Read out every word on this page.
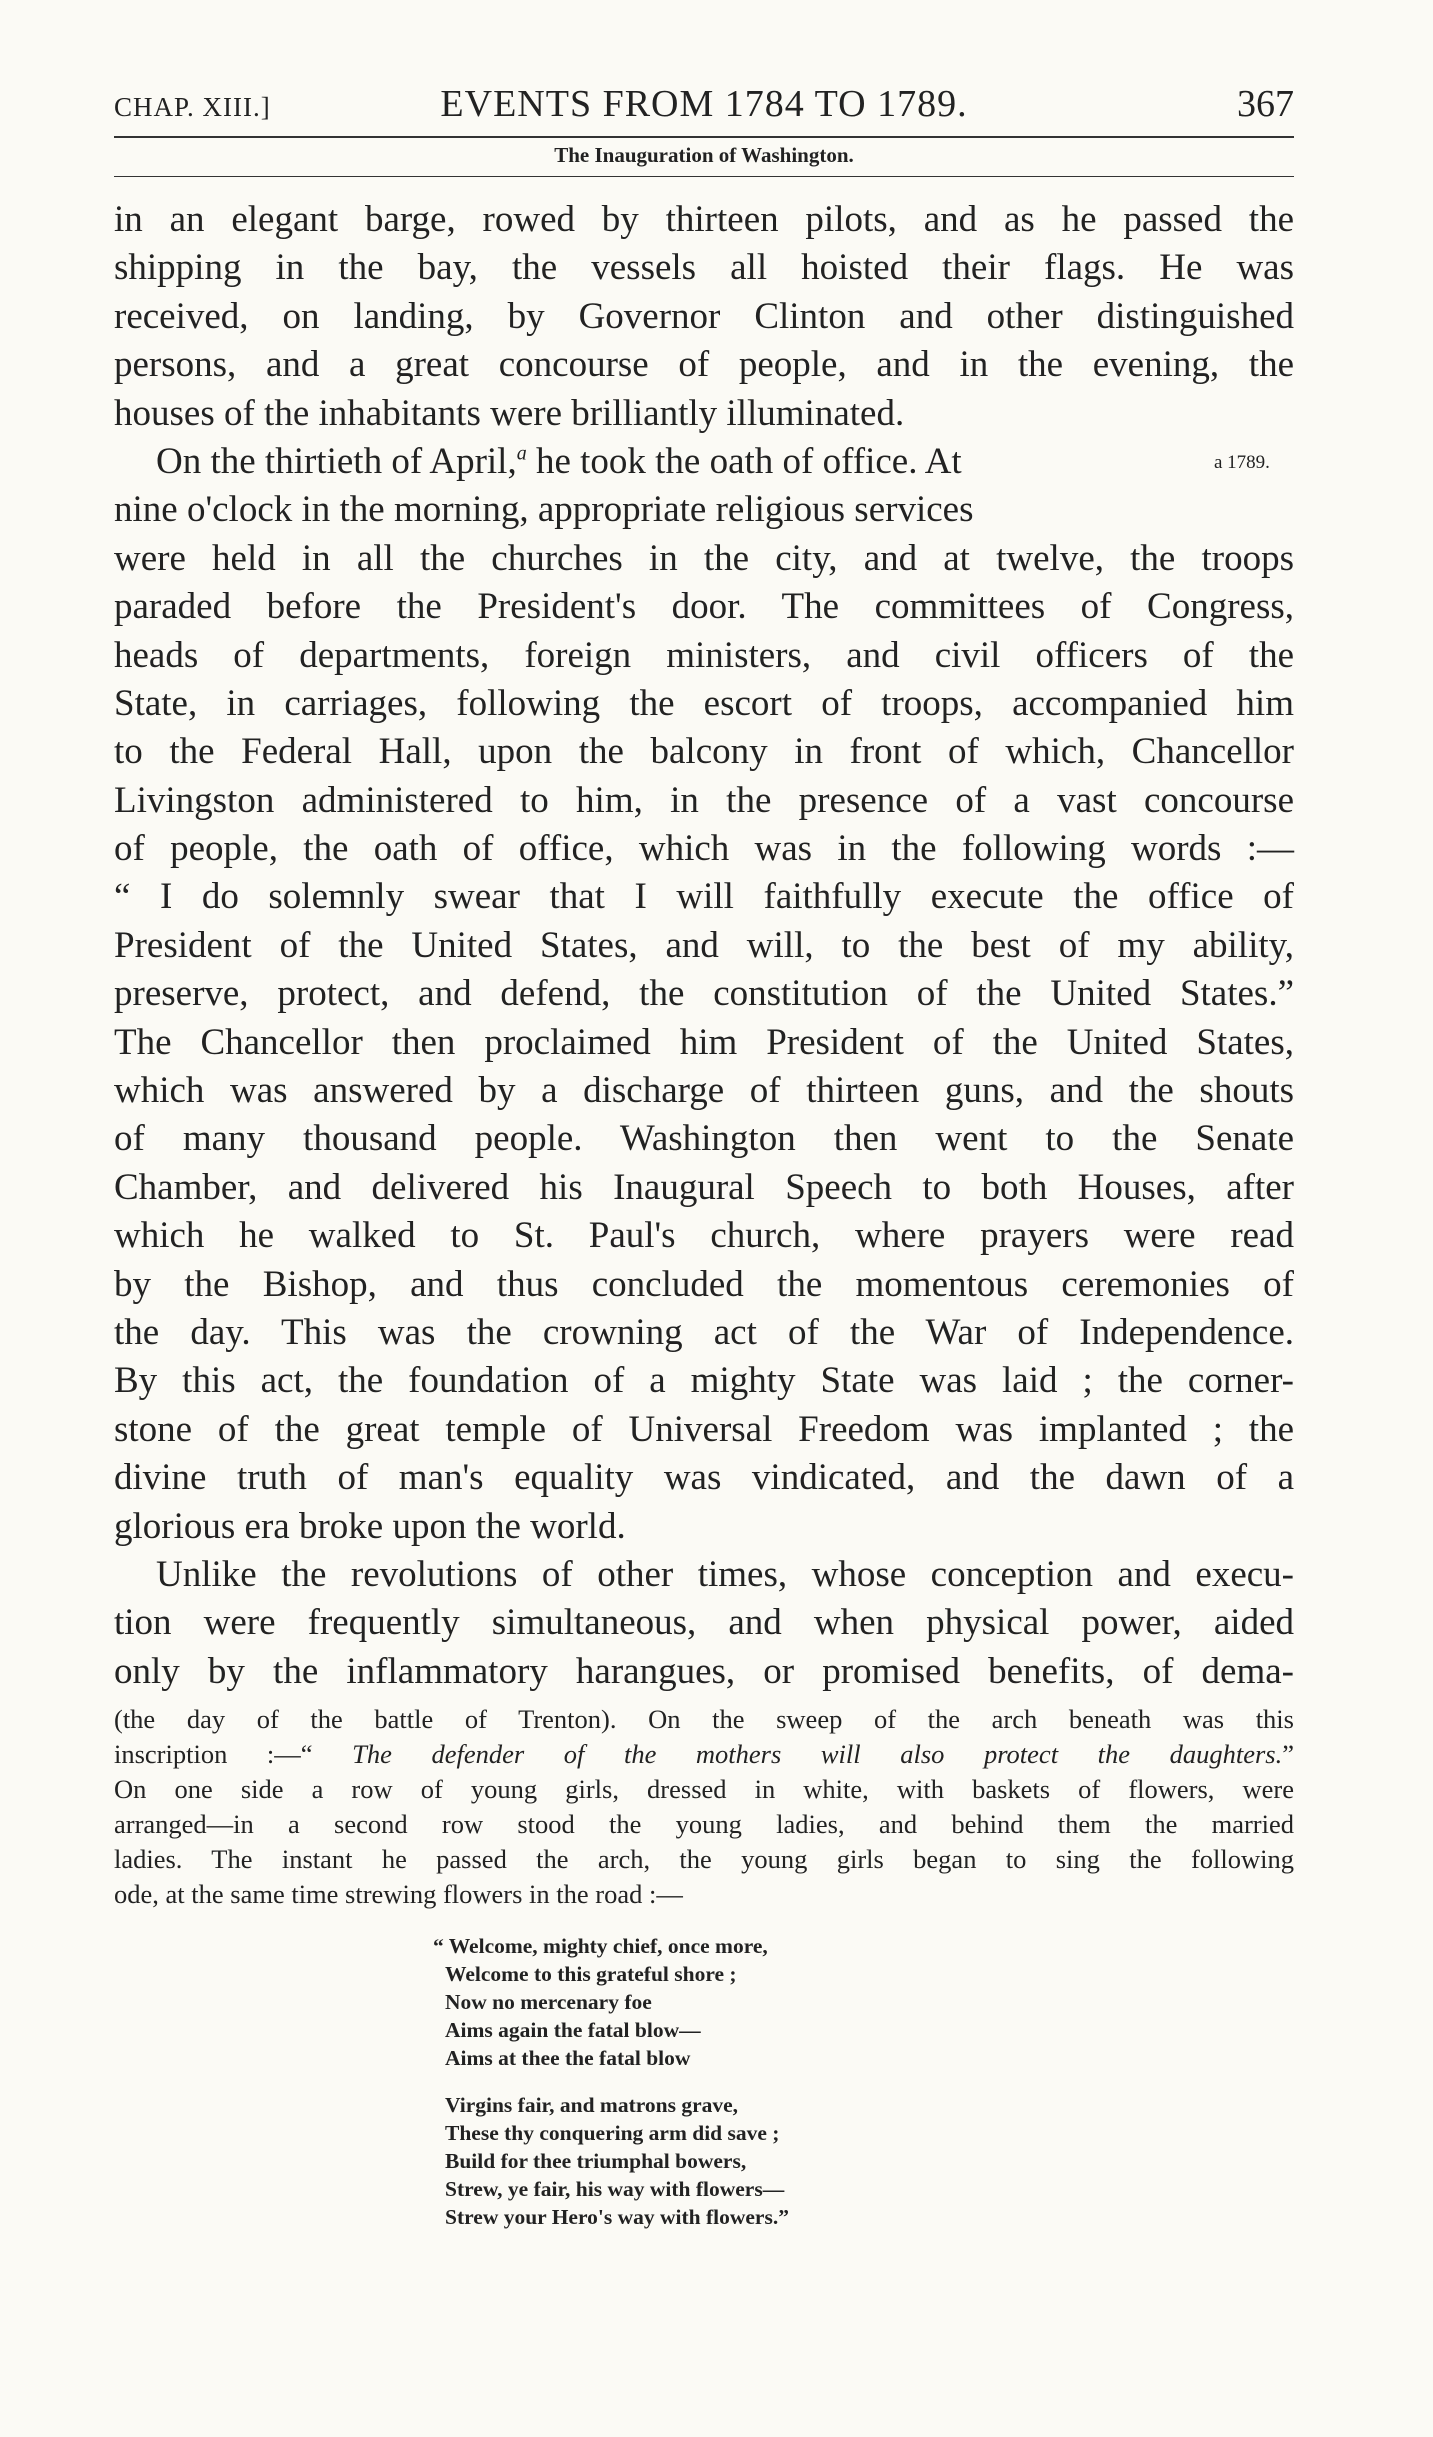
CHAP. XIII.]	EVENTS FROM 1784 TO 1789.	367
The Inauguration of Washington.
a 1789.
in an elegant barge, rowed by thirteen pilots, and as he passed the
shipping in the bay, the vessels all hoisted their flags. He was
received, on landing, by Governor Clinton and other distinguished
persons, and a great concourse of people, and in the evening, the
houses of the inhabitants were brilliantly illuminated.
On the thirtieth of April,$^a$ he took the oath of office. At
nine o'clock in the morning, appropriate religious services
were held in all the churches in the city, and at twelve, the troops
paraded before the President's door. The committees of Congress,
heads of departments, foreign ministers, and civil officers of the
State, in carriages, following the escort of troops, accompanied him
to the Federal Hall, upon the balcony in front of which, Chancellor
Livingston administered to him, in the presence of a vast concourse
of people, the oath of office, which was in the following words :—
“ I do solemnly swear that I will faithfully execute the office of
President of the United States, and will, to the best of my ability,
preserve, protect, and defend, the constitution of the United States.”
The Chancellor then proclaimed him President of the United States,
which was answered by a discharge of thirteen guns, and the shouts
of many thousand people. Washington then went to the Senate
Chamber, and delivered his Inaugural Speech to both Houses, after
which he walked to St. Paul's church, where prayers were read
by the Bishop, and thus concluded the momentous ceremonies of
the day. This was the crowning act of the War of Independence.
By this act, the foundation of a mighty State was laid ; the corner-
stone of the great temple of Universal Freedom was implanted ; the
divine truth of man's equality was vindicated, and the dawn of a
glorious era broke upon the world.
Unlike the revolutions of other times, whose conception and execu-
tion were frequently simultaneous, and when physical power, aided
only by the inflammatory harangues, or promised benefits, of dema-
(the day of the battle of Trenton). On the sweep of the arch beneath was this
inscription :—“ The defender of the mothers will also protect the daughters.”
On one side a row of young girls, dressed in white, with baskets of flowers, were
arranged—in a second row stood the young ladies, and behind them the married
ladies. The instant he passed the arch, the young girls began to sing the following
ode, at the same time strewing flowers in the road :—
“ Welcome, mighty chief, once more,
Welcome to this grateful shore ;
Now no mercenary foe
Aims again the fatal blow—
Aims at thee the fatal blow
Virgins fair, and matrons grave,
These thy conquering arm did save ;
Build for thee triumphal bowers,
Strew, ye fair, his way with flowers—
Strew your Hero's way with flowers.”
